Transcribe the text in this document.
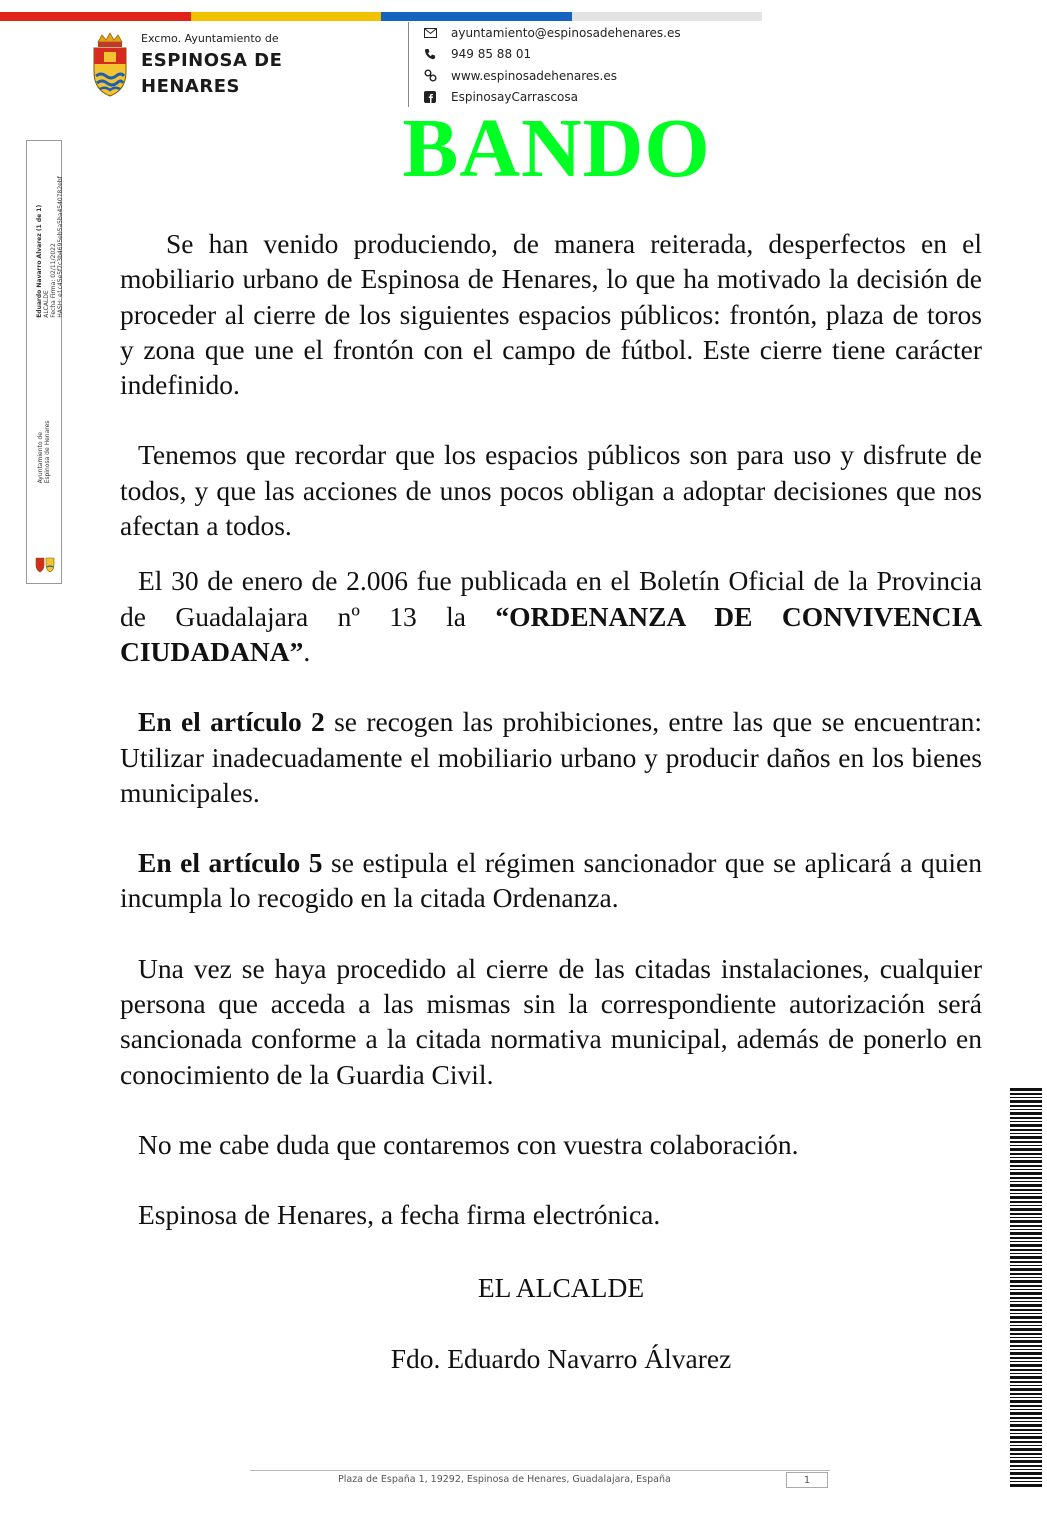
Excmo. Ayuntamiento de
ESPINOSA DE
HENARES
ayuntamiento@espinosadehenares.es
949 85 88 01
www.espinosadehenares.es
EspinosayCarrascosa
BANDO
Ayuntamiento de Espinosa de Henares
Eduardo Navarro Alvarez (1 de 1) ALCALDE Fecha Firma: 02/11/2022 HASH: e1c45e5f7c3b4695eb5a5ba4540782ebf	Se han venido produciendo, de manera reiterada, desperfectos en el mobiliario urbano de Espinosa de Henares, lo que ha motivado la decisión de proceder al cierre de los siguientes espacios públicos: frontón, plaza de toros y zona que une el frontón con el campo de fútbol. Este cierre tiene carácter indefinido.

Tenemos que recordar que los espacios públicos son para uso y disfrute de todos, y que las acciones de unos pocos obligan a adoptar decisiones que nos afectan a todos.

El 30 de enero de 2.006 fue publicada en el Boletín Oficial de la Provincia de Guadalajara nº 13 la “ORDENANZA DE CONVIVENCIA CIUDADANA”.

En el artículo 2 se recogen las prohibiciones, entre las que se encuentran: Utilizar inadecuadamente el mobiliario urbano y producir daños en los bienes municipales.

En el artículo 5 se estipula el régimen sancionador que se aplicará a quien incumpla lo recogido en la citada Ordenanza.

Una vez se haya procedido al cierre de las citadas instalaciones, cualquier persona que acceda a las mismas sin la correspondiente autorización será sancionada conforme a la citada normativa municipal, además de ponerlo en conocimiento de la Guardia Civil.

No me cabe duda que contaremos con vuestra colaboración.

Espinosa de Henares, a fecha firma electrónica.

EL ALCALDE
Fdo. Eduardo Navarro Álvarez
Plaza de España 1, 19292, Espinosa de Henares, Guadalajara, España	1
